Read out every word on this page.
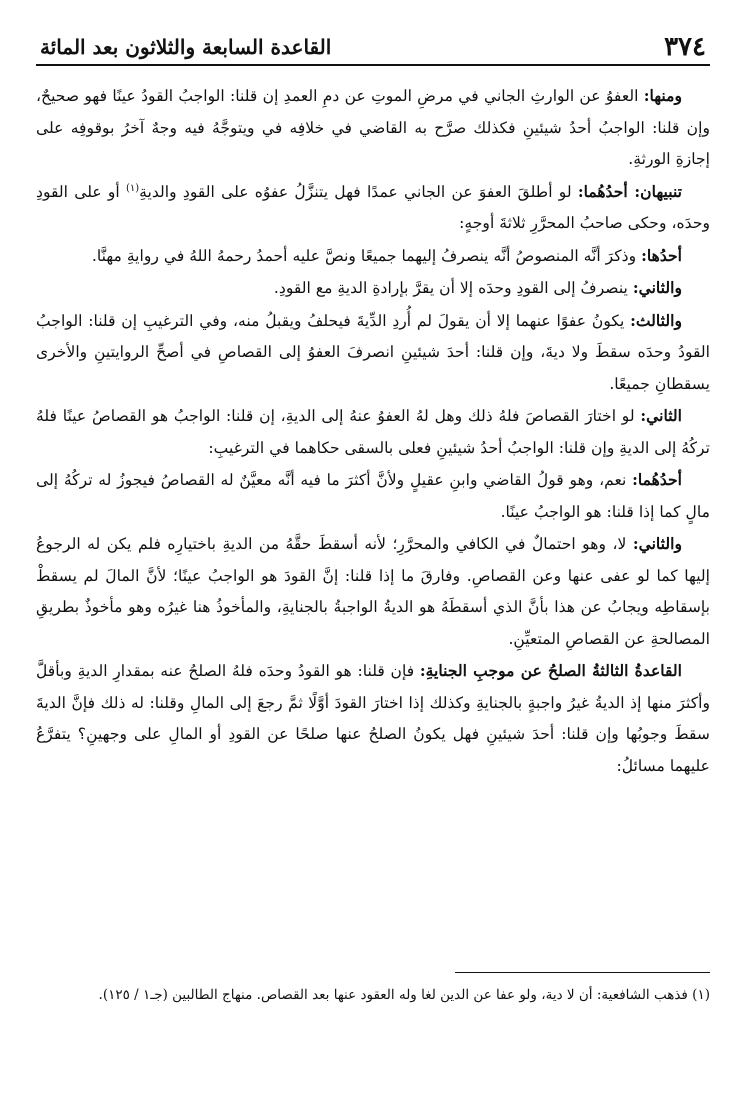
٣٧٤
القاعدة السابعة والثلاثون بعد المائة

ومنها: العفوُ عن الوارثِ الجاني في مرضِ الموتِ عن دمِ العمدِ إن قلنا: الواجبُ القودُ عينًا فهو صحيحٌ، وإن قلنا: الواجبُ أحدُ شيئينِ فكذلك صرَّح به القاضي في خلافِه في ويتوجَّهُ فيه وجهٌ آخرُ بوقوفِه على إجازةِ الورثةِ.

تنبيهان: أحدُهُما: لو أطلقَ العفوَ عن الجاني عمدًا فهل يتنزَّلُ عفوُه على القودِ والديةِ$^{(١)}$ أو على القودِ وحدَه، وحكى صاحبُ المحرَّرِ ثلاثةَ أوجهٍ:

أحدُها: وذكرَ أنَّه المنصوصُ أنَّه ينصرفُ إليهما جميعًا ونصَّ عليه أحمدُ رحمهُ اللهُ في روايةِ مهنَّا.

والثاني: ينصرفُ إلى القودِ وحدَه إلا أن يقرَّ بإرادةِ الديةِ مع القودِ.

والثالث: يكونُ عفوًا عنهما إلا أن يقولَ لم أُردِ الدِّيةَ فيحلفُ ويقبلُ منه، وفي الترغيبِ إن قلنا: الواجبُ القودُ وحدَه سقطَ ولا ديةَ، وإن قلنا: أحدَ شيئينِ انصرفَ العفوُ إلى القصاصِ في أصحِّ الروايتينِ والأخرى يسقطانِ جميعًا.

الثاني: لو اختارَ القصاصَ فلهُ ذلك وهل لهُ العفوُ عنهُ إلى الديةِ، إن قلنا: الواجبُ هو القصاصُ عينًا فلهُ تركُهُ إلى الديةِ وإن قلنا: الواجبُ أحدُ شيئينِ فعلى بالسقى حكاهما في الترغيبِ:

أحدُهُما: نعم، وهو قولُ القاضي وابنِ عقيلٍ ولأنَّ أكثرَ ما فيه أنَّه معيَّنٌ له القصاصُ فيجوزُ له تركُهُ إلى مالٍ كما إذا قلنا: هو الواجبُ عينًا.

والثاني: لا، وهو احتمالٌ في الكافي والمحرَّرِ؛ لأنه أسقطَ حقَّهُ من الديةِ باختيارِه فلم يكن له الرجوعُ إليها كما لو عفى عنها وعن القصاصِ. وفارقَ ما إذا قلنا: إنَّ القودَ هو الواجبُ عينًا؛ لأنَّ المالَ لم يسقطْ بإسقاطِه ويجابُ عن هذا بأنَّ الذي أسقطَهُ هو الديةُ الواجبةُ بالجنايةِ، والمأخوذُ هنا غيرُه وهو مأخوذٌ بطريقِ المصالحةِ عن القصاصِ المتعيِّنِ.

القاعدةُ الثالثةُ الصلحُ عن موجبِ الجنايةِ: فإن قلنا: هو القودُ وحدَه فلهُ الصلحُ عنه بمقدارِ الديةِ وبأقلَّ وأكثرَ منها إذ الديةُ غيرُ واجبةٍ بالجنايةِ وكذلك إذا اختارَ القودَ أوَّلًا ثمَّ رجعَ إلى المالِ وقلنا: له ذلك فإنَّ الديةَ سقطَ وجوبُها وإن قلنا: أحدَ شيئينِ فهل يكونُ الصلحُ عنها صلحًا عن القودِ أو المالِ على وجهينِ؟ يتفرَّعُ عليهما مسائلُ:

(١) فذهب الشافعية: أن لا دية، ولو عفا عن الدين لغا وله العقود عنها بعد القصاص. منهاج الطالبين (جـ١ / ١٢٥).
